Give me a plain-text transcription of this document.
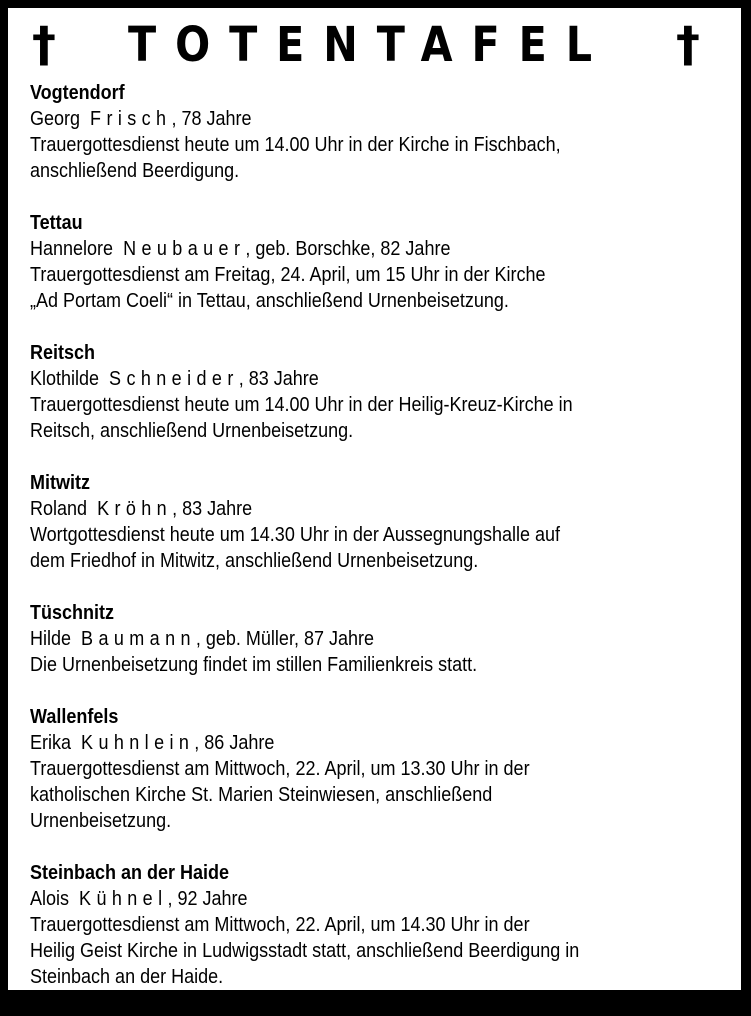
† TOTENTAFEL †
Vogtendorf
Georg Frisch, 78 Jahre
Trauergottesdienst heute um 14.00 Uhr in der Kirche in Fischbach,
anschließend Beerdigung.
Tettau
Hannelore Neubauer, geb. Borschke, 82 Jahre
Trauergottesdienst am Freitag, 24. April, um 15 Uhr in der Kirche
„Ad Portam Coeli“ in Tettau, anschließend Urnenbeisetzung.
Reitsch
Klothilde Schneider, 83 Jahre
Trauergottesdienst heute um 14.00 Uhr in der Heilig-Kreuz-Kirche in
Reitsch, anschließend Urnenbeisetzung.
Mitwitz
Roland Kröhn, 83 Jahre
Wortgottesdienst heute um 14.30 Uhr in der Aussegnungshalle auf
dem Friedhof in Mitwitz, anschließend Urnenbeisetzung.
Tüschnitz
Hilde Baumann, geb. Müller, 87 Jahre
Die Urnenbeisetzung findet im stillen Familienkreis statt.
Wallenfels
Erika Kuhnlein, 86 Jahre
Trauergottesdienst am Mittwoch, 22. April, um 13.30 Uhr in der
katholischen Kirche St. Marien Steinwiesen, anschließend
Urnenbeisetzung.
Steinbach an der Haide
Alois Kühnel, 92 Jahre
Trauergottesdienst am Mittwoch, 22. April, um 14.30 Uhr in der
Heilig Geist Kirche in Ludwigsstadt statt, anschließend Beerdigung in
Steinbach an der Haide.
